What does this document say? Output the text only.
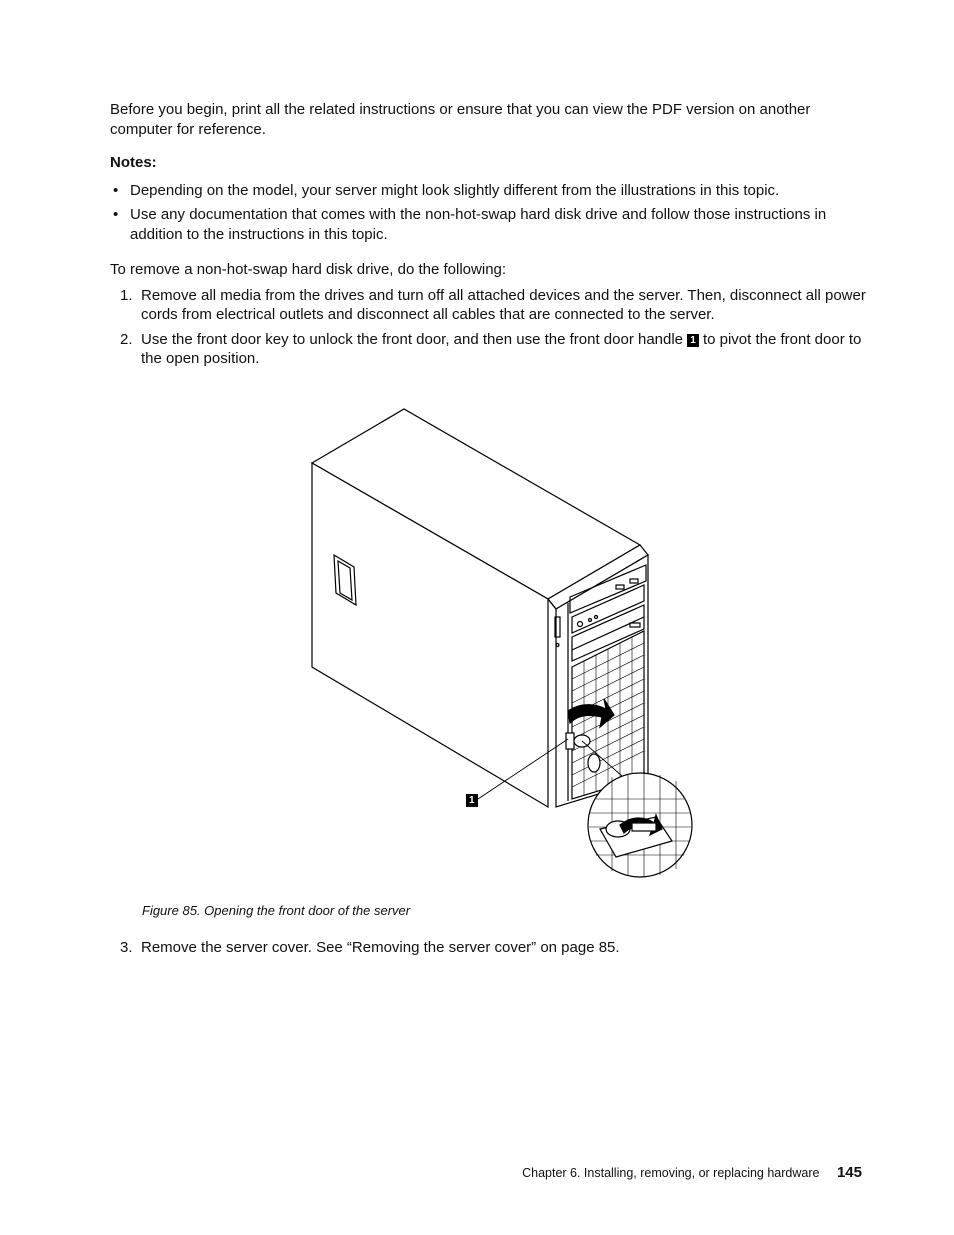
Before you begin, print all the related instructions or ensure that you can view the PDF version on another computer for reference.

Notes:

• Depending on the model, your server might look slightly different from the illustrations in this topic.
• Use any documentation that comes with the non-hot-swap hard disk drive and follow those instructions in addition to the instructions in this topic.

To remove a non-hot-swap hard disk drive, do the following:

1. Remove all media from the drives and turn off all attached devices and the server. Then, disconnect all power cords from electrical outlets and disconnect all cables that are connected to the server.
2. Use the front door key to unlock the front door, and then use the front door handle 1 to pivot the front door to the open position.
1
Figure 85. Opening the front door of the server
3. Remove the server cover. See “Removing the server cover” on page 85.
Chapter 6. Installing, removing, or replacing hardware 145
